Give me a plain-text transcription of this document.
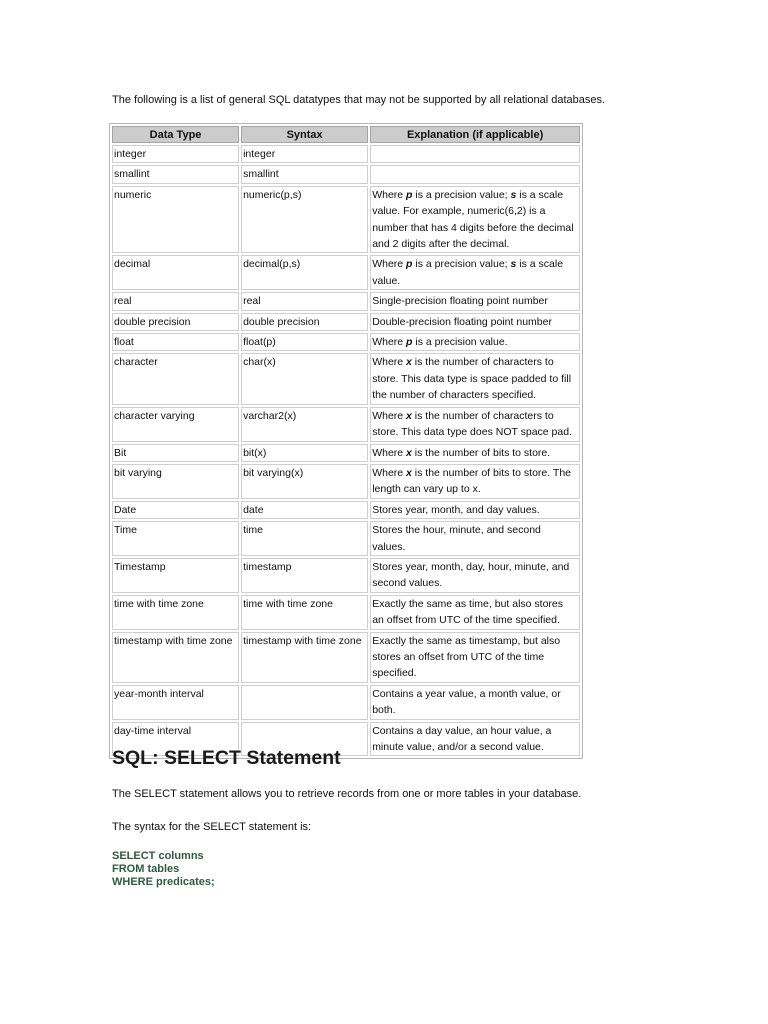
The following is a list of general SQL datatypes that may not be supported by all relational databases.

Data Type	Syntax	Explanation (if applicable)
integer	integer	
smallint	smallint	
numeric	numeric(p,s)	Where p is a precision value; s is a scale value. For example, numeric(6,2) is a number that has 4 digits before the decimal and 2 digits after the decimal.
decimal	decimal(p,s)	Where p is a precision value; s is a scale value.
real	real	Single-precision floating point number
double precision	double precision	Double-precision floating point number
float	float(p)	Where p is a precision value.
character	char(x)	Where x is the number of characters to store. This data type is space padded to fill the number of characters specified.
character varying	varchar2(x)	Where x is the number of characters to store. This data type does NOT space pad.
Bit	bit(x)	Where x is the number of bits to store.
bit varying	bit varying(x)	Where x is the number of bits to store. The length can vary up to x.
Date	date	Stores year, month, and day values.
Time	time	Stores the hour, minute, and second values.
Timestamp	timestamp	Stores year, month, day, hour, minute, and second values.
time with time zone	time with time zone	Exactly the same as time, but also stores an offset from UTC of the time specified.
timestamp with time zone	timestamp with time zone	Exactly the same as timestamp, but also stores an offset from UTC of the time specified.
year-month interval		Contains a year value, a month value, or both.
day-time interval		Contains a day value, an hour value, a minute value, and/or a second value.
SQL: SELECT Statement

The SELECT statement allows you to retrieve records from one or more tables in your database.

The syntax for the SELECT statement is:

SELECT columns
FROM tables
WHERE predicates;
